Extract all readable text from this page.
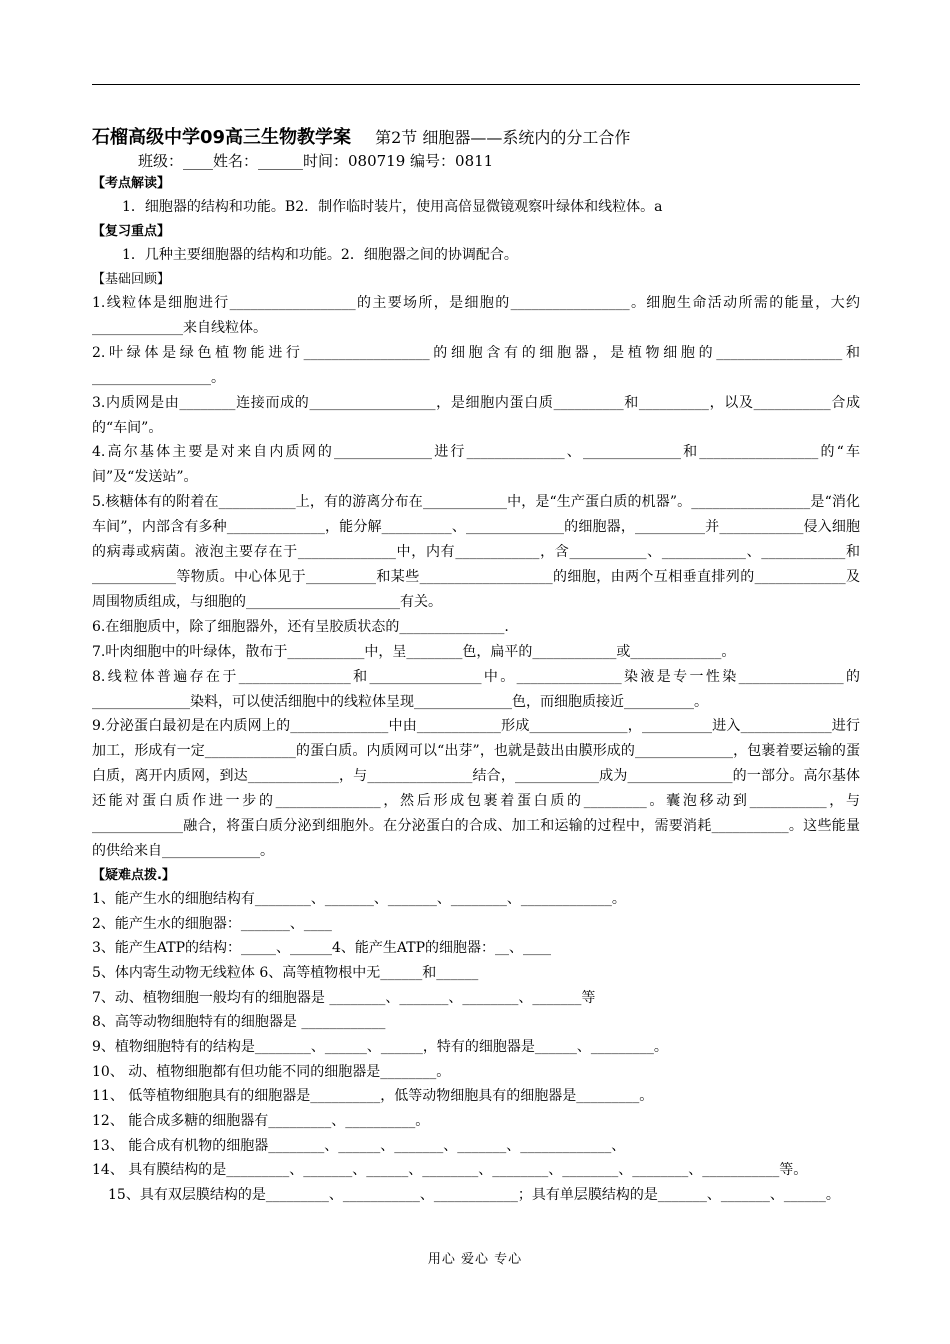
石榴高级中学09高三生物教学案 第2节 细胞器——系统内的分工合作
班级：____姓名：______时间：080719 编号：0811
【考点解读】
1．细胞器的结构和功能。B2．制作临时装片，使用高倍显微镜观察叶绿体和线粒体。a
【复习重点】
1．几种主要细胞器的结构和功能。2．细胞器之间的协调配合。
【基础回顾】
1.线粒体是细胞进行__________________的主要场所，是细胞的_________________。细胞生命活动所需的能量，大约_____________来自线粒体。
2.叶绿体是绿色植物能进行__________________的细胞含有的细胞器，是植物细胞的__________________和_________________。
3.内质网是由________连接而成的__________________，是细胞内蛋白质__________和__________，以及___________合成的“车间”。
4.高尔基体主要是对来自内质网的______________进行______________、______________和_________________的“车间”及“发送站”。
5.核糖体有的附着在___________上，有的游离分布在____________中，是“生产蛋白质的机器”。_________________是“消化车间”，内部含有多种______________，能分解__________、______________的细胞器，__________并____________侵入细胞的病毒或病菌。液泡主要存在于______________中，内有____________，含___________、____________、____________和____________等物质。中心体见于__________和某些___________________的细胞，由两个互相垂直排列的_____________及周围物质组成，与细胞的______________________有关。
6.在细胞质中，除了细胞器外，还有呈胶质状态的_______________.
7.叶肉细胞中的叶绿体，散布于___________中，呈________色，扁平的____________或_____________。
8.线粒体普遍存在于________________和________________中。_______________染液是专一性染_______________的______________染料，可以使活细胞中的线粒体呈现______________色，而细胞质接近__________。
9.分泌蛋白最初是在内质网上的______________中由____________形成______________，__________进入_____________进行加工，形成有一定_____________的蛋白质。内质网可以“出芽”，也就是鼓出由膜形成的______________，包裹着要运输的蛋白质，离开内质网，到达_____________，与_______________结合，____________成为_______________的一部分。高尔基体还能对蛋白质作进一步的_______________，然后形成包裹着蛋白质的_________。囊泡移动到___________，与_____________融合，将蛋白质分泌到细胞外。在分泌蛋白的合成、加工和运输的过程中，需要消耗___________。这些能量的供给来自______________。
【疑难点拨.】
1、能产生水的细胞结构有________、_______、_______、________、_____________。
2、能产生水的细胞器：_______、____
3、能产生ATP的结构：_____、______4、能产生ATP的细胞器：__、____
5、体内寄生动物无线粒体 6、高等植物根中无______和______
7、动、植物细胞一般均有的细胞器是 ________、_______、________、_______等
8、高等动物细胞特有的细胞器是 ____________
9、植物细胞特有的结构是________、______、______，特有的细胞器是______、_________。
10、 动、植物细胞都有但功能不同的细胞器是________。
11、 低等植物细胞具有的细胞器是__________，低等动物细胞具有的细胞器是_________。
12、 能合成多糖的细胞器有_________、__________。
13、 能合成有机物的细胞器________、______、_______、_______、_____________、
14、 具有膜结构的是_________、_______、______、________、________、________、________、___________等。
15、具有双层膜结构的是_________、___________、____________；具有单层膜结构的是_______、_______、______。
用心 爱心 专心
